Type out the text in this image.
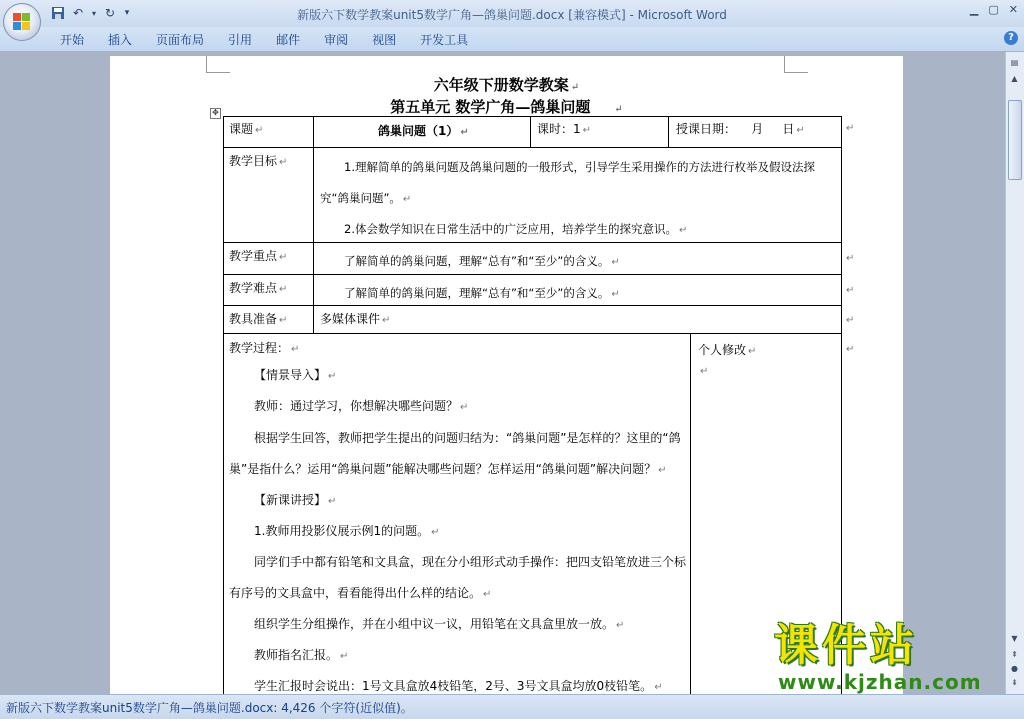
↶	▾ ↻	▾	新版六下数学教案unit5数学广角—鸽巢问题.docx [兼容模式] - Microsoft Word	▁ ▢ ✕
开始	插入	页面布局	引用	邮件	审阅	视图	开发工具	?
六年级下册数学教案 ↵
第五单元 数学广角—鸽巢问题 ↵
✥
课题 ↵	鸽巢问题（1） ↵	课时：1 ↵	授课日期：    月     日 ↵
教学目标 ↵	1.理解简单的鸽巢问题及鸽巢问题的一般形式，引导学生采用操作的方法进行枚举及假设法探
究“鸽巢问题”。 ↵
2.体会数学知识在日常生活中的广泛应用，培养学生的探究意识。 ↵
教学重点 ↵	了解简单的鸽巢问题，理解“总有”和“至少”的含义。 ↵
教学难点 ↵	了解简单的鸽巢问题，理解“总有”和“至少”的含义。 ↵
教具准备 ↵	多媒体课件 ↵
教学过程： ↵	个人修改 ↵
↵
【情景导入】 ↵
教师：通过学习，你想解决哪些问题？ ↵
根据学生回答，教师把学生提出的问题归结为：“鸽巢问题”是怎样的？这里的“鸽
巢”是指什么？运用“鸽巢问题”能解决哪些问题？怎样运用“鸽巢问题”解决问题？ ↵
【新课讲授】 ↵
1.教师用投影仪展示例1的问题。 ↵
同学们手中都有铅笔和文具盒，现在分小组形式动手操作：把四支铅笔放进三个标
有序号的文具盒中，看看能得出什么样的结论。 ↵
组织学生分组操作，并在小组中议一议，用铅笔在文具盒里放一放。 ↵
教师指名汇报。 ↵
学生汇报时会说出：1号文具盒放4枝铅笔，2号、3号文具盒均放0枝铅笔。 ↵
↵
↵
↵
↵
↵
▤
▲
▼
⇞
●
⇟
新版六下数学教案unit5数学广角—鸽巢问题.docx: 4,426 个字符(近似值)。
课件站
www.kjzhan.com
